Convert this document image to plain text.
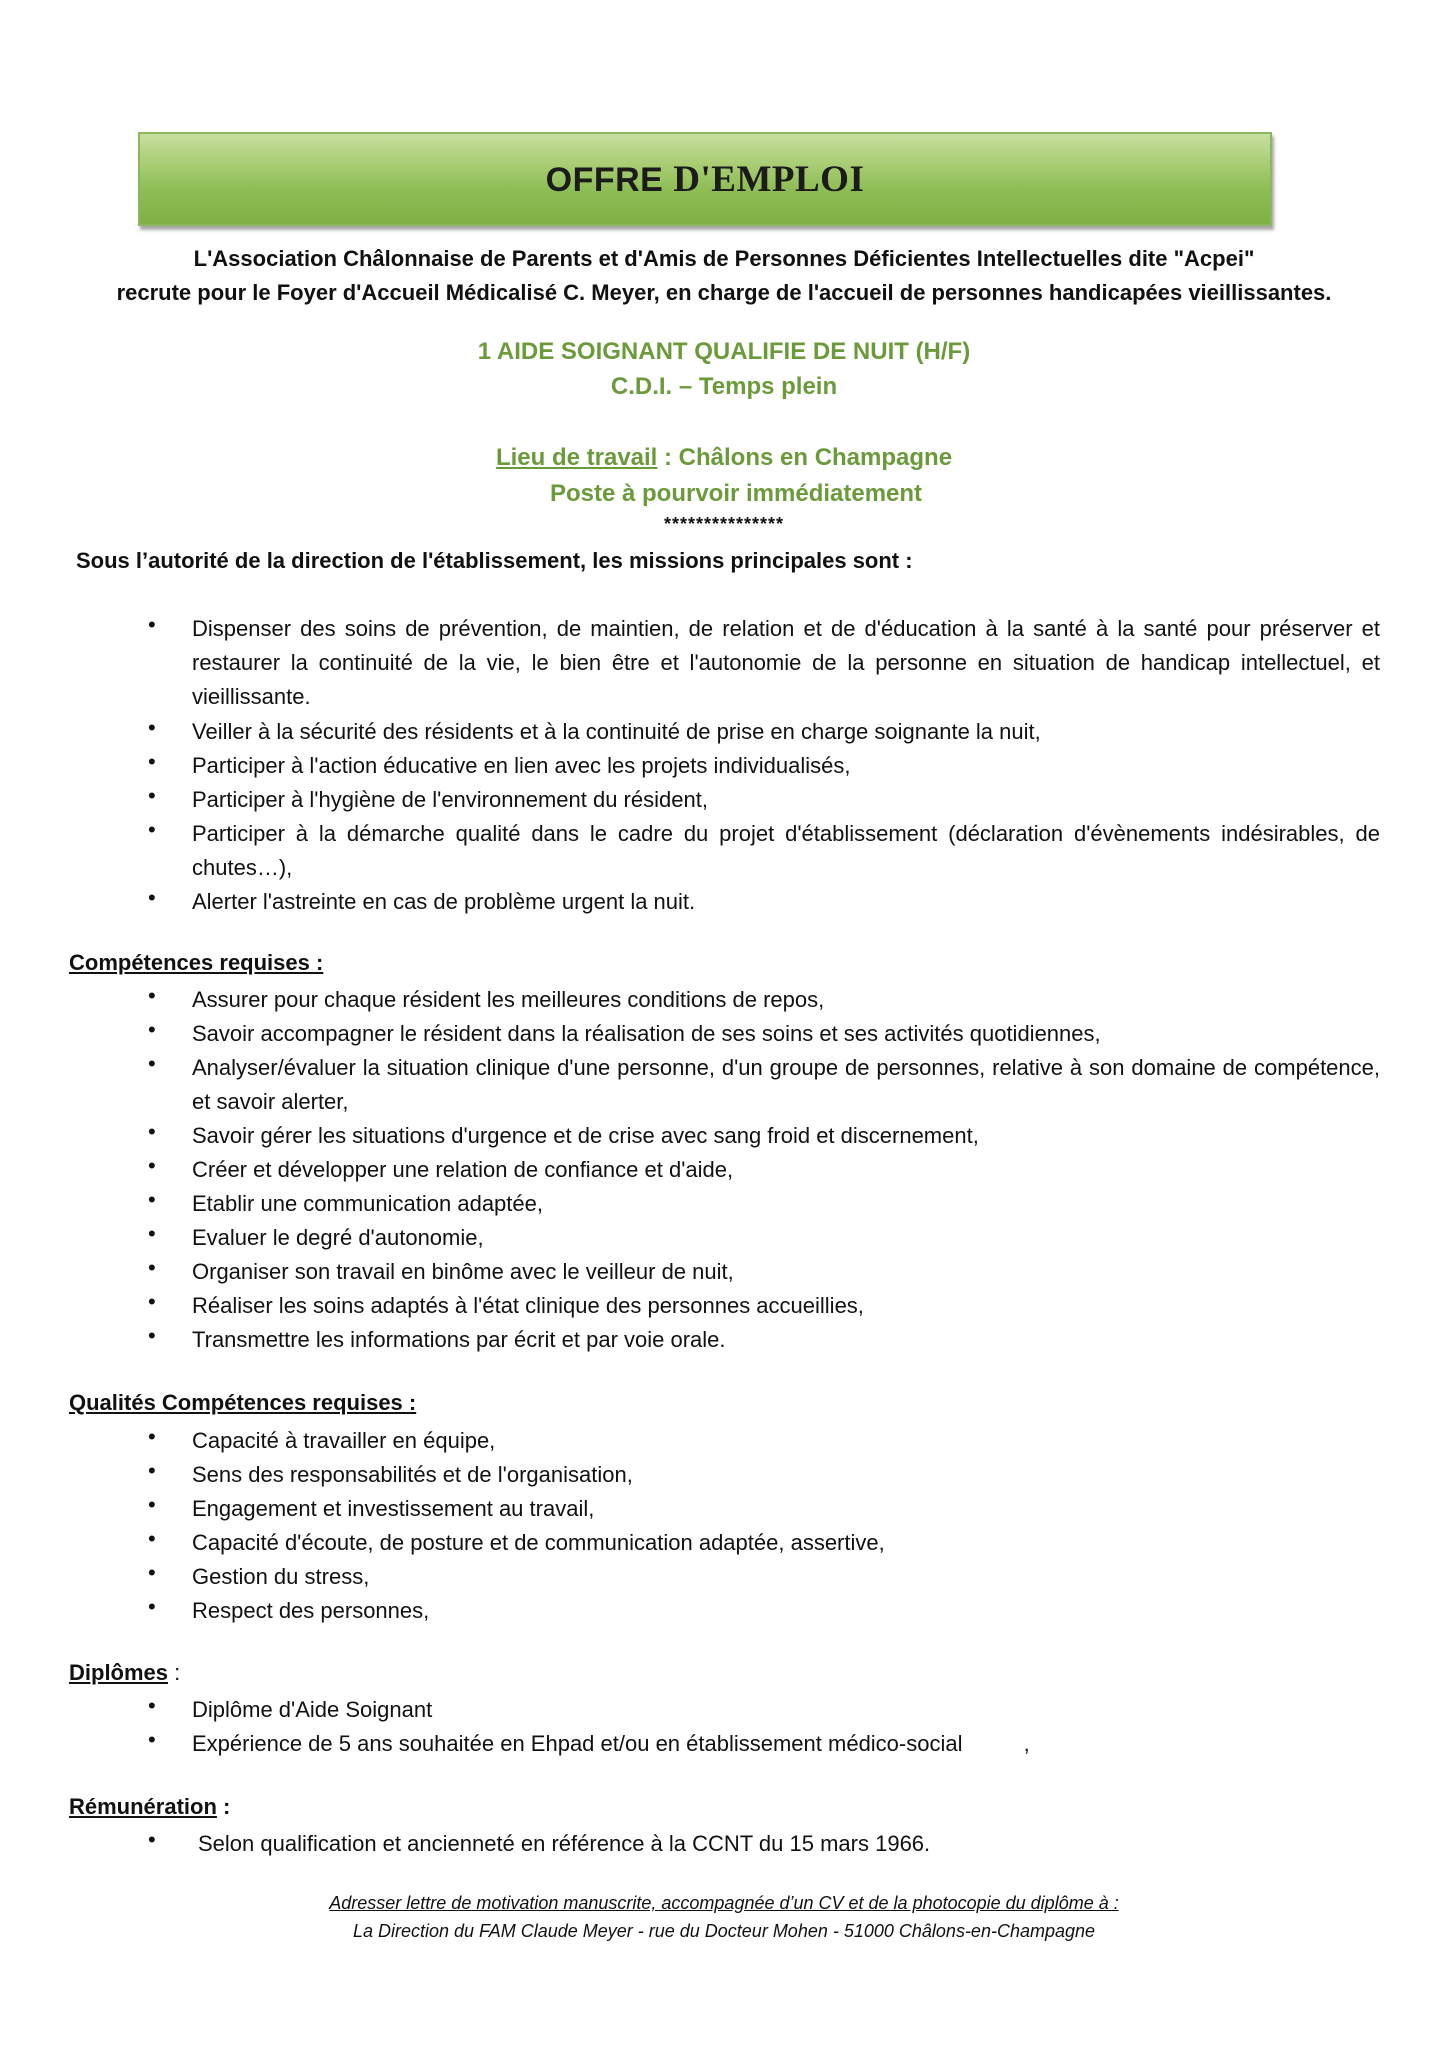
OFFRE D'EMPLOI
L'Association Châlonnaise de Parents et d'Amis de Personnes Déficientes Intellectuelles dite "Acpei"
recrute pour le Foyer d'Accueil Médicalisé C. Meyer, en charge de l'accueil de personnes handicapées vieillissantes.
1 AIDE SOIGNANT QUALIFIE DE NUIT (H/F)
C.D.I. – Temps plein
Lieu de travail : Châlons en Champagne
Poste à pourvoir immédiatement
***************
Sous l’autorité de la direction de l'établissement, les missions principales sont :
• Dispenser des soins de prévention, de maintien, de relation et de d'éducation à la santé à la santé pour préserver et restaurer la continuité de la vie, le bien être et l'autonomie de la personne en situation de handicap intellectuel, et vieillissante.
• Veiller à la sécurité des résidents et à la continuité de prise en charge soignante la nuit,
• Participer à l'action éducative en lien avec les projets individualisés,
• Participer à l'hygiène de l'environnement du résident,
• Participer à la démarche qualité dans le cadre du projet d'établissement (déclaration d'évènements indésirables, de chutes…),
• Alerter l'astreinte en cas de problème urgent la nuit.
Compétences requises :
• Assurer pour chaque résident les meilleures conditions de repos,
• Savoir accompagner le résident dans la réalisation de ses soins et ses activités quotidiennes,
• Analyser/évaluer la situation clinique d'une personne, d'un groupe de personnes, relative à son domaine de compétence, et savoir alerter,
• Savoir gérer les situations d'urgence et de crise avec sang froid et discernement,
• Créer et développer une relation de confiance et d'aide,
• Etablir une communication adaptée,
• Evaluer le degré d'autonomie,
• Organiser son travail en binôme avec le veilleur de nuit,
• Réaliser les soins adaptés à l'état clinique des personnes accueillies,
• Transmettre les informations par écrit et par voie orale.
Qualités Compétences requises :
• Capacité à travailler en équipe,
• Sens des responsabilités et de l'organisation,
• Engagement et investissement au travail,
• Capacité d'écoute, de posture et de communication adaptée, assertive,
• Gestion du stress,
• Respect des personnes,
Diplômes :
• Diplôme d'Aide Soignant
• Expérience de 5 ans souhaitée en Ehpad et/ou en établissement médico-social          ,
Rémunération :
• Selon qualification et ancienneté en référence à la CCNT du 15 mars 1966.
Adresser lettre de motivation manuscrite, accompagnée d’un CV et de la photocopie du diplôme à :
La Direction du FAM Claude Meyer - rue du Docteur Mohen - 51000 Châlons-en-Champagne
